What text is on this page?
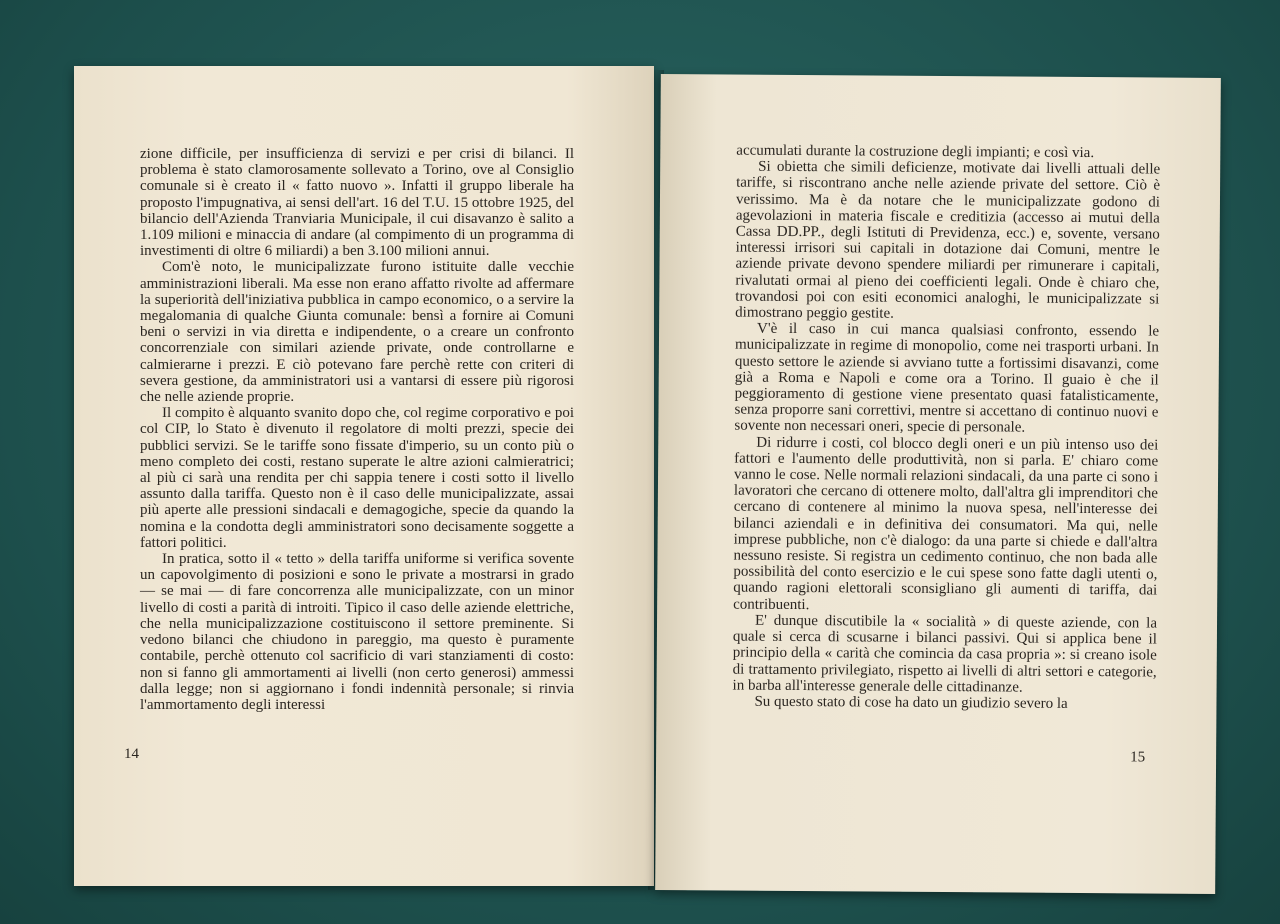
zione difficile, per insufficienza di servizi e per crisi di bilanci. Il problema è stato clamorosamente sollevato a Torino, ove al Consiglio comunale si è creato il « fatto nuovo ». Infatti il gruppo liberale ha proposto l'impugnativa, ai sensi dell'art. 16 del T.U. 15 ottobre 1925, del bilancio dell'Azienda Tranviaria Municipale, il cui disavanzo è salito a 1.109 milioni e minaccia di andare (al compimento di un programma di investimenti di oltre 6 miliardi) a ben 3.100 milioni annui.

Com'è noto, le municipalizzate furono istituite dalle vecchie amministrazioni liberali. Ma esse non erano affatto rivolte ad affermare la superiorità dell'iniziativa pubblica in campo economico, o a servire la megalomania di qualche Giunta comunale: bensì a fornire ai Comuni beni o servizi in via diretta e indipendente, o a creare un confronto concorrenziale con similari aziende private, onde controllarne e calmierarne i prezzi. E ciò potevano fare perchè rette con criteri di severa gestione, da amministratori usi a vantarsi di essere più rigorosi che nelle aziende proprie.

Il compito è alquanto svanito dopo che, col regime corporativo e poi col CIP, lo Stato è divenuto il regolatore di molti prezzi, specie dei pubblici servizi. Se le tariffe sono fissate d'imperio, su un conto più o meno completo dei costi, restano superate le altre azioni calmieratrici; al più ci sarà una rendita per chi sappia tenere i costi sotto il livello assunto dalla tariffa. Questo non è il caso delle municipalizzate, assai più aperte alle pressioni sindacali e demagogiche, specie da quando la nomina e la condotta degli amministratori sono decisamente soggette a fattori politici.

In pratica, sotto il « tetto » della tariffa uniforme si verifica sovente un capovolgimento di posizioni e sono le private a mostrarsi in grado — se mai — di fare concorrenza alle municipalizzate, con un minor livello di costi a parità di introiti. Tipico il caso delle aziende elettriche, che nella municipalizzazione costituiscono il settore preminente. Si vedono bilanci che chiudono in pareggio, ma questo è puramente contabile, perchè ottenuto col sacrificio di vari stanziamenti di costo: non si fanno gli ammortamenti ai livelli (non certo generosi) ammessi dalla legge; non si aggiornano i fondi indennità personale; si rinvia l'ammortamento degli interessi

14

accumulati durante la costruzione degli impianti; e così via.

Si obietta che simili deficienze, motivate dai livelli attuali delle tariffe, si riscontrano anche nelle aziende private del settore. Ciò è verissimo. Ma è da notare che le municipalizzate godono di agevolazioni in materia fiscale e creditizia (accesso ai mutui della Cassa DD.PP., degli Istituti di Previdenza, ecc.) e, sovente, versano interessi irrisori sui capitali in dotazione dai Comuni, mentre le aziende private devono spendere miliardi per rimunerare i capitali, rivalutati ormai al pieno dei coefficienti legali. Onde è chiaro che, trovandosi poi con esiti economici analoghi, le municipalizzate si dimostrano peggio gestite.

V'è il caso in cui manca qualsiasi confronto, essendo le municipalizzate in regime di monopolio, come nei trasporti urbani. In questo settore le aziende si avviano tutte a fortissimi disavanzi, come già a Roma e Napoli e come ora a Torino. Il guaio è che il peggioramento di gestione viene presentato quasi fatalisticamente, senza proporre sani correttivi, mentre si accettano di continuo nuovi e sovente non necessari oneri, specie di personale.

Di ridurre i costi, col blocco degli oneri e un più intenso uso dei fattori e l'aumento delle produttività, non si parla. E' chiaro come vanno le cose. Nelle normali relazioni sindacali, da una parte ci sono i lavoratori che cercano di ottenere molto, dall'altra gli imprenditori che cercano di contenere al minimo la nuova spesa, nell'interesse dei bilanci aziendali e in definitiva dei consumatori. Ma qui, nelle imprese pubbliche, non c'è dialogo: da una parte si chiede e dall'altra nessuno resiste. Si registra un cedimento continuo, che non bada alle possibilità del conto esercizio e le cui spese sono fatte dagli utenti o, quando ragioni elettorali sconsigliano gli aumenti di tariffa, dai contribuenti.

E' dunque discutibile la « socialità » di queste aziende, con la quale si cerca di scusarne i bilanci passivi. Qui si applica bene il principio della « carità che comincia da casa propria »: si creano isole di trattamento privilegiato, rispetto ai livelli di altri settori e categorie, in barba all'interesse generale delle cittadinanze.

Su questo stato di cose ha dato un giudizio severo la

15
